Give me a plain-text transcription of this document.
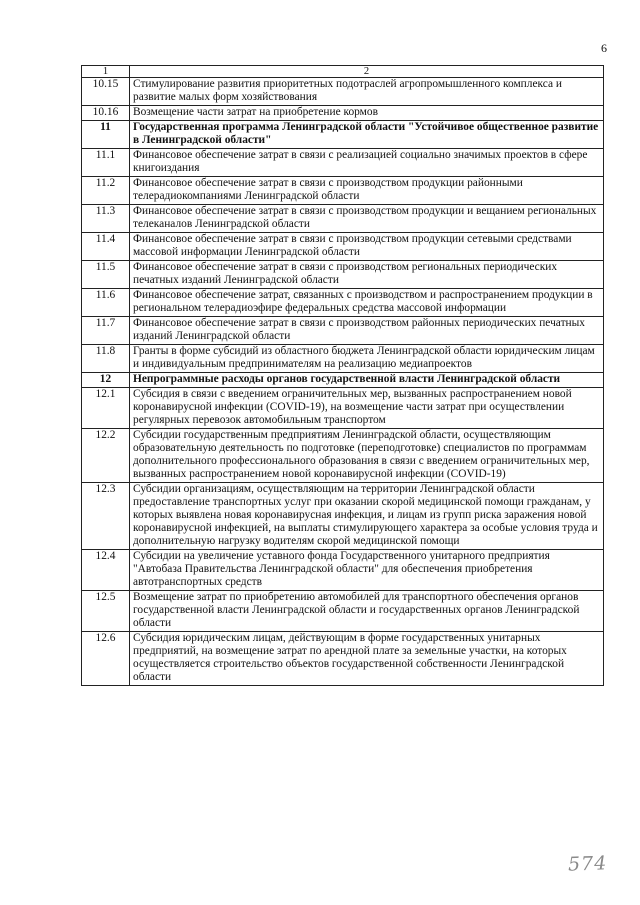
6
1	2
10.15	Стимулирование развития приоритетных подотраслей агропромышленного комплекса и развитие малых форм хозяйствования
10.16	Возмещение части затрат на приобретение кормов
11	Государственная программа Ленинградской области "Устойчивое общественное развитие в Ленинградской области"
11.1	Финансовое обеспечение затрат в связи с реализацией социально значимых проектов в сфере книгоиздания
11.2	Финансовое обеспечение затрат в связи с производством продукции районными телерадиокомпаниями Ленинградской области
11.3	Финансовое обеспечение затрат в связи с производством продукции и вещанием региональных телеканалов Ленинградской области
11.4	Финансовое обеспечение затрат в связи с производством продукции сетевыми средствами массовой информации Ленинградской области
11.5	Финансовое обеспечение затрат в связи с производством региональных периодических печатных изданий Ленинградской области
11.6	Финансовое обеспечение затрат, связанных с производством и распространением продукции в региональном телерадиоэфире федеральных средства массовой информации
11.7	Финансовое обеспечение затрат в связи с производством районных периодических печатных изданий Ленинградской области
11.8	Гранты в форме субсидий из областного бюджета Ленинградской области юридическим лицам и индивидуальным предпринимателям на реализацию медиапроектов
12	Непрограммные расходы органов государственной власти Ленинградской области
12.1	Субсидия в связи с введением ограничительных мер, вызванных распространением новой коронавирусной инфекции (COVID-19), на возмещение части затрат при осуществлении регулярных перевозок автомобильным транспортом
12.2	Субсидии государственным предприятиям Ленинградской области, осуществляющим образовательную деятельность по подготовке (переподготовке) специалистов по программам дополнительного профессионального образования в связи с введением ограничительных мер, вызванных распространением новой коронавирусной инфекции (COVID-19)
12.3	Субсидии организациям, осуществляющим на территории Ленинградской области предоставление транспортных услуг при оказании скорой медицинской помощи гражданам, у которых выявлена новая коронавирусная инфекция, и лицам из групп риска заражения новой коронавирусной инфекцией, на выплаты стимулирующего характера за особые условия труда и дополнительную нагрузку водителям скорой медицинской помощи
12.4	Субсидии на увеличение уставного фонда Государственного унитарного предприятия "Автобаза Правительства Ленинградской области" для обеспечения приобретения автотранспортных средств
12.5	Возмещение затрат по приобретению автомобилей для транспортного обеспечения органов государственной власти Ленинградской области и государственных органов Ленинградской области
12.6	Субсидия юридическим лицам, действующим в форме государственных унитарных предприятий, на возмещение затрат по арендной плате за земельные участки, на которых осуществляется строительство объектов государственной собственности Ленинградской области
574
